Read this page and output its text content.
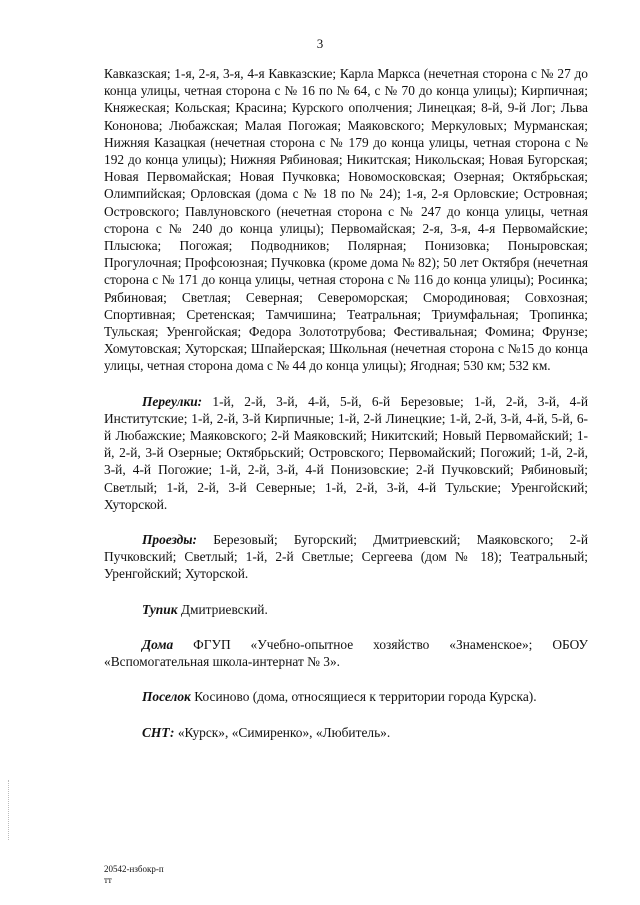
3

Кавказская; 1-я, 2-я, 3-я, 4-я Кавказские; Карла Маркса (нечетная сторона с № 27 до конца улицы, четная сторона с № 16 по № 64, с № 70 до конца улицы); Кирпичная; Княжеская; Кольская; Красина; Курского ополчения; Линецкая; 8-й, 9-й Лог; Льва Кононова; Любажская; Малая Погожая; Маяковского; Меркуловых; Мурманская; Нижняя Казацкая (нечетная сторона с № 179 до конца улицы, четная сторона с № 192 до конца улицы); Нижняя Рябиновая; Никитская; Никольская; Новая Бугорская; Новая Первомайская; Новая Пучковка; Новомосковская; Озерная; Октябрьская; Олимпийская; Орловская (дома с № 18 по № 24); 1-я, 2-я Орловские; Островная; Островского; Павлуновского (нечетная сторона с № 247 до конца улицы, четная сторона с № 240 до конца улицы); Первомайская; 2-я, 3-я, 4-я Первомайские; Плысюка; Погожая; Подводников; Полярная; Понизовка; Поныровская; Прогулочная; Профсоюзная; Пучковка (кроме дома № 82); 50 лет Октября (нечетная сторона с № 171 до конца улицы, четная сторона с № 116 до конца улицы); Росинка; Рябиновая; Светлая; Северная; Североморская; Смородиновая; Совхозная; Спортивная; Сретенская; Тамчишина; Театральная; Триумфальная; Тропинка; Тульская; Уренгойская; Федора Золототрубова; Фестивальная; Фомина; Фрунзе; Хомутовская; Хуторская; Шпайерская; Школьная (нечетная сторона с №15 до конца улицы, четная сторона дома с № 44 до конца улицы); Ягодная; 530 км; 532 км.

Переулки: 1-й, 2-й, 3-й, 4-й, 5-й, 6-й Березовые; 1-й, 2-й, 3-й, 4-й Институтские; 1-й, 2-й, 3-й Кирпичные; 1-й, 2-й Линецкие; 1-й, 2-й, 3-й, 4-й, 5-й, 6-й Любажские; Маяковского; 2-й Маяковский; Никитский; Новый Первомайский; 1-й, 2-й, 3-й Озерные; Октябрьский; Островского; Первомайский; Погожий; 1-й, 2-й, 3-й, 4-й Погожие; 1-й, 2-й, 3-й, 4-й Понизовские; 2-й Пучковский; Рябиновый; Светлый; 1-й, 2-й, 3-й Северные; 1-й, 2-й, 3-й, 4-й Тульские; Уренгойский; Хуторской.

Проезды: Березовый; Бугорский; Дмитриевский; Маяковского; 2-й Пучковский; Светлый; 1-й, 2-й Светлые; Сергеева (дом № 18); Театральный; Уренгойский; Хуторской.

Тупик Дмитриевский.

Дома ФГУП «Учебно-опытное хозяйство «Знаменское»; ОБОУ «Вспомогательная школа-интернат № 3».

Поселок Косиново (дома, относящиеся к территории города Курска).

СНТ: «Курск», «Симиренко», «Любитель».

20542-нзбокр-п
тт
